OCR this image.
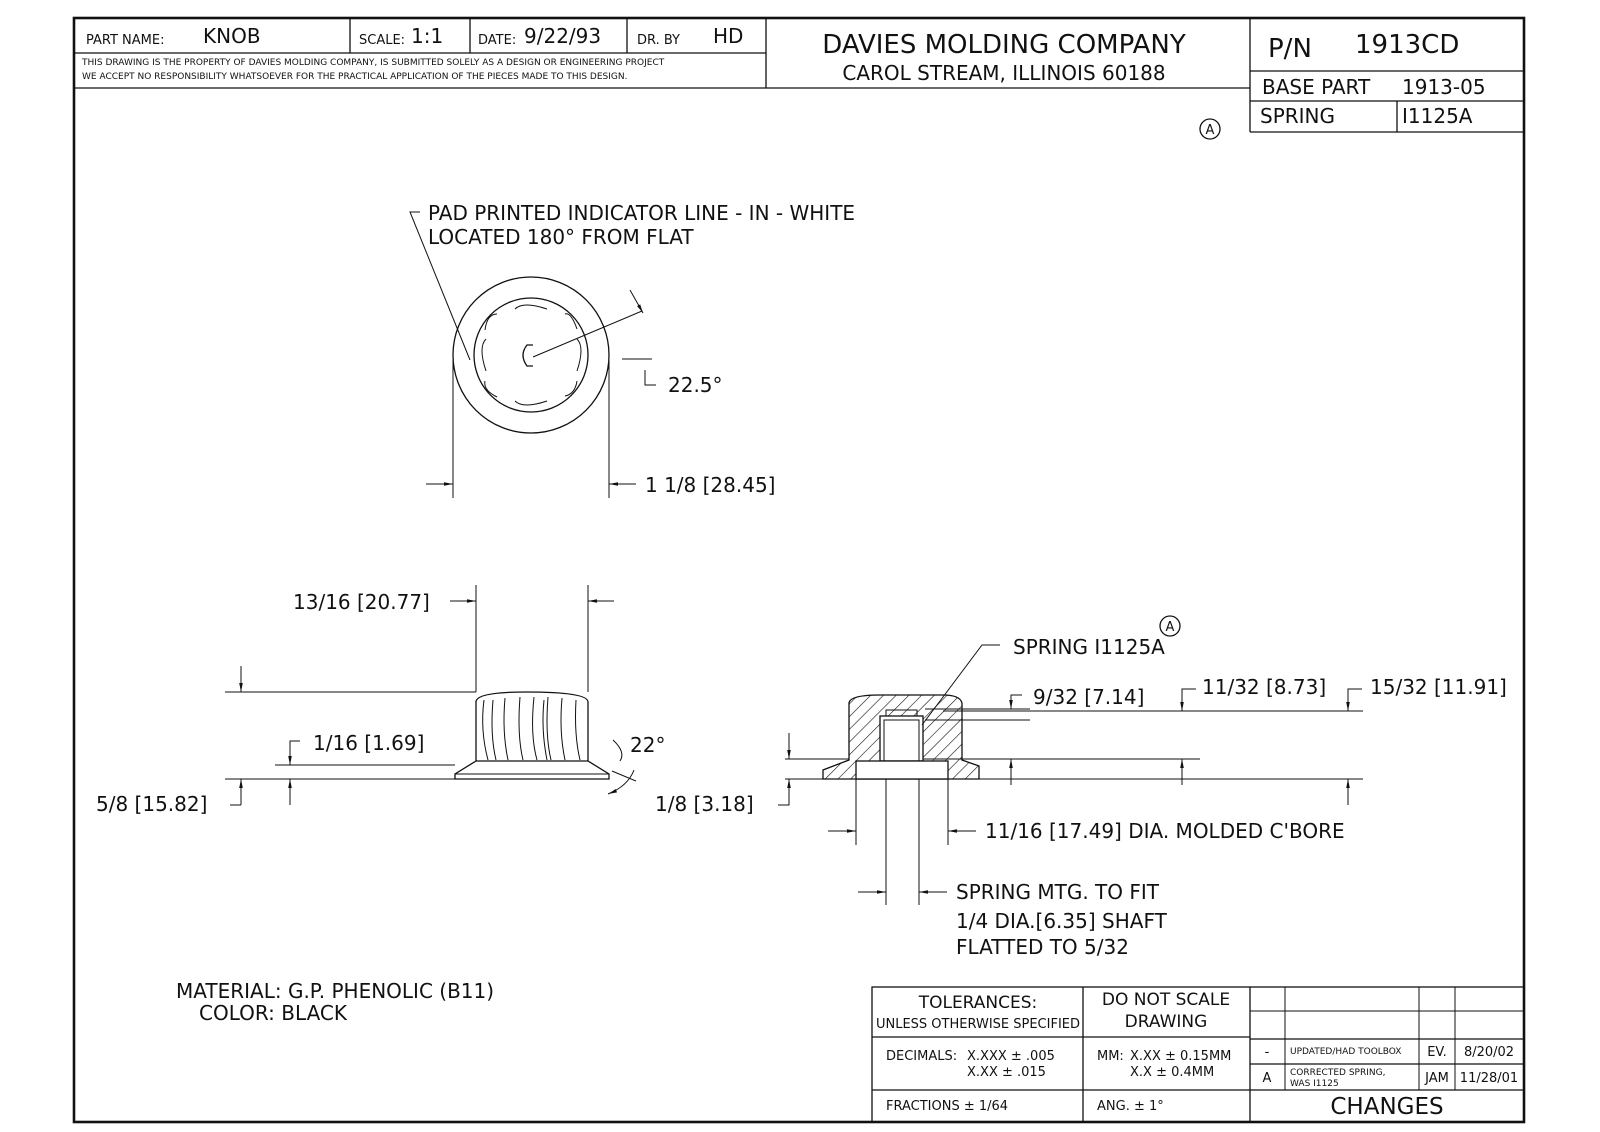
PART NAME: KNOB	SCALE: 1:1	DATE: 9/22/93	DR. BY HD
THIS DRAWING IS THE PROPERTY OF DAVIES MOLDING COMPANY, IS SUBMITTED SOLELY AS A DESIGN OR ENGINEERING PROJECT
WE ACCEPT NO RESPONSIBILITY WHATSOEVER FOR THE PRACTICAL APPLICATION OF THE PIECES MADE TO THIS DESIGN.
DAVIES MOLDING COMPANY
CAROL STREAM, ILLINOIS 60188
P/N 1913CD
BASE PART 1913-05
SPRING	I1125A
A
PAD PRINTED INDICATOR LINE - IN - WHITE
LOCATED 180° FROM FLAT
22.5°
1 1/8 [28.45]
13/16 [20.77]
5/8 [15.82]
1/16 [1.69]	22°
SPRING I1125A
A
9/32 [7.14]	11/32 [8.73] 15/32 [11.91]
1/8 [3.18]
11/16 [17.49] DIA. MOLDED C'BORE
SPRING MTG. TO FIT
1/4 DIA.[6.35] SHAFT
FLATTED TO 5/32
MATERIAL: G.P. PHENOLIC (B11)
COLOR: BLACK	TOLERANCES:
UNLESS OTHERWISE SPECIFIED
DO NOT SCALE
DRAWING
DECIMALS: X.XXX ± .005
X.XX ± .015
MM: X.XX ± 0.15MM
X.X ± 0.4MM
FRACTIONS ± 1/64	ANG. ± 1°
- UPDATED/HAD TOOLBOX EV. 8/20/02
A CORRECTED SPRING,
WAS I1125	JAM 11/28/01
CHANGES
